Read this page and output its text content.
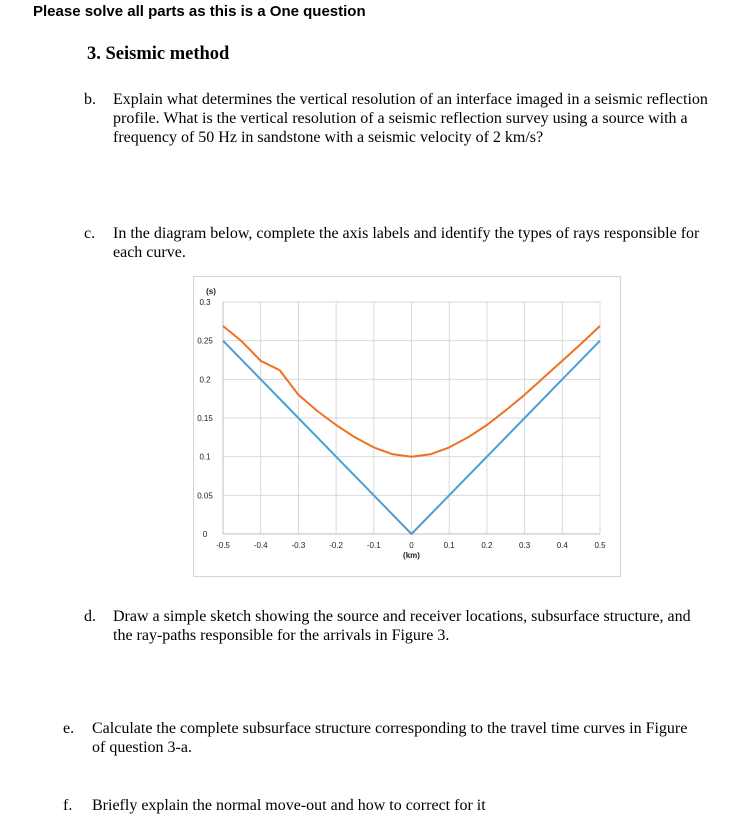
Please solve all parts as this is a One question
3. Seismic method
b. Explain what determines the vertical resolution of an interface imaged in a seismic reflection
profile. What is the vertical resolution of a seismic reflection survey using a source with a
frequency of 50 Hz in sandstone with a seismic velocity of 2 km/s?
c. In the diagram below, complete the axis labels and identify the types of rays responsible for
each curve.
0
0.05
0.1
0.15
0.2
0.25
0.3
-0.5	-0.4	-0.3	-0.2	-0.1	0	0.1	0.2	0.3	0.4	0.5
(s)
(km)
d. Draw a simple sketch showing the source and receiver locations, subsurface structure, and
the ray-paths responsible for the arrivals in Figure 3.
e. Calculate the complete subsurface structure corresponding to the travel time curves in Figure
of question 3-a.
f. Briefly explain the normal move-out and how to correct for it
